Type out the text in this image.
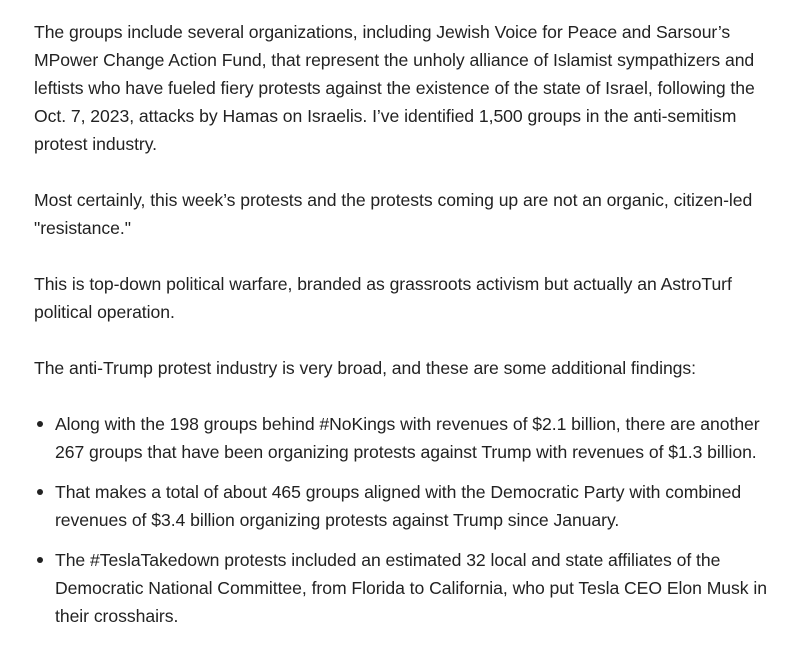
The groups include several organizations, including Jewish Voice for Peace and Sarsour’s MPower Change Action Fund, that represent the unholy alliance of Islamist sympathizers and leftists who have fueled fiery protests against the existence of the state of Israel, following the Oct. 7, 2023, attacks by Hamas on Israelis. I’ve identified 1,500 groups in the anti-semitism protest industry.

Most certainly, this week’s protests and the protests coming up are not an organic, citizen-led "resistance."

This is top-down political warfare, branded as grassroots activism but actually an AstroTurf political operation.

The anti-Trump protest industry is very broad, and these are some additional findings:

Along with the 198 groups behind #NoKings with revenues of $2.1 billion, there are another 267 groups that have been organizing protests against Trump with revenues of $1.3 billion.
That makes a total of about 465 groups aligned with the Democratic Party with combined revenues of $3.4 billion organizing protests against Trump since January.
The #TeslaTakedown protests included an estimated 32 local and state affiliates of the Democratic National Committee, from Florida to California, who put Tesla CEO Elon Musk in their crosshairs.
